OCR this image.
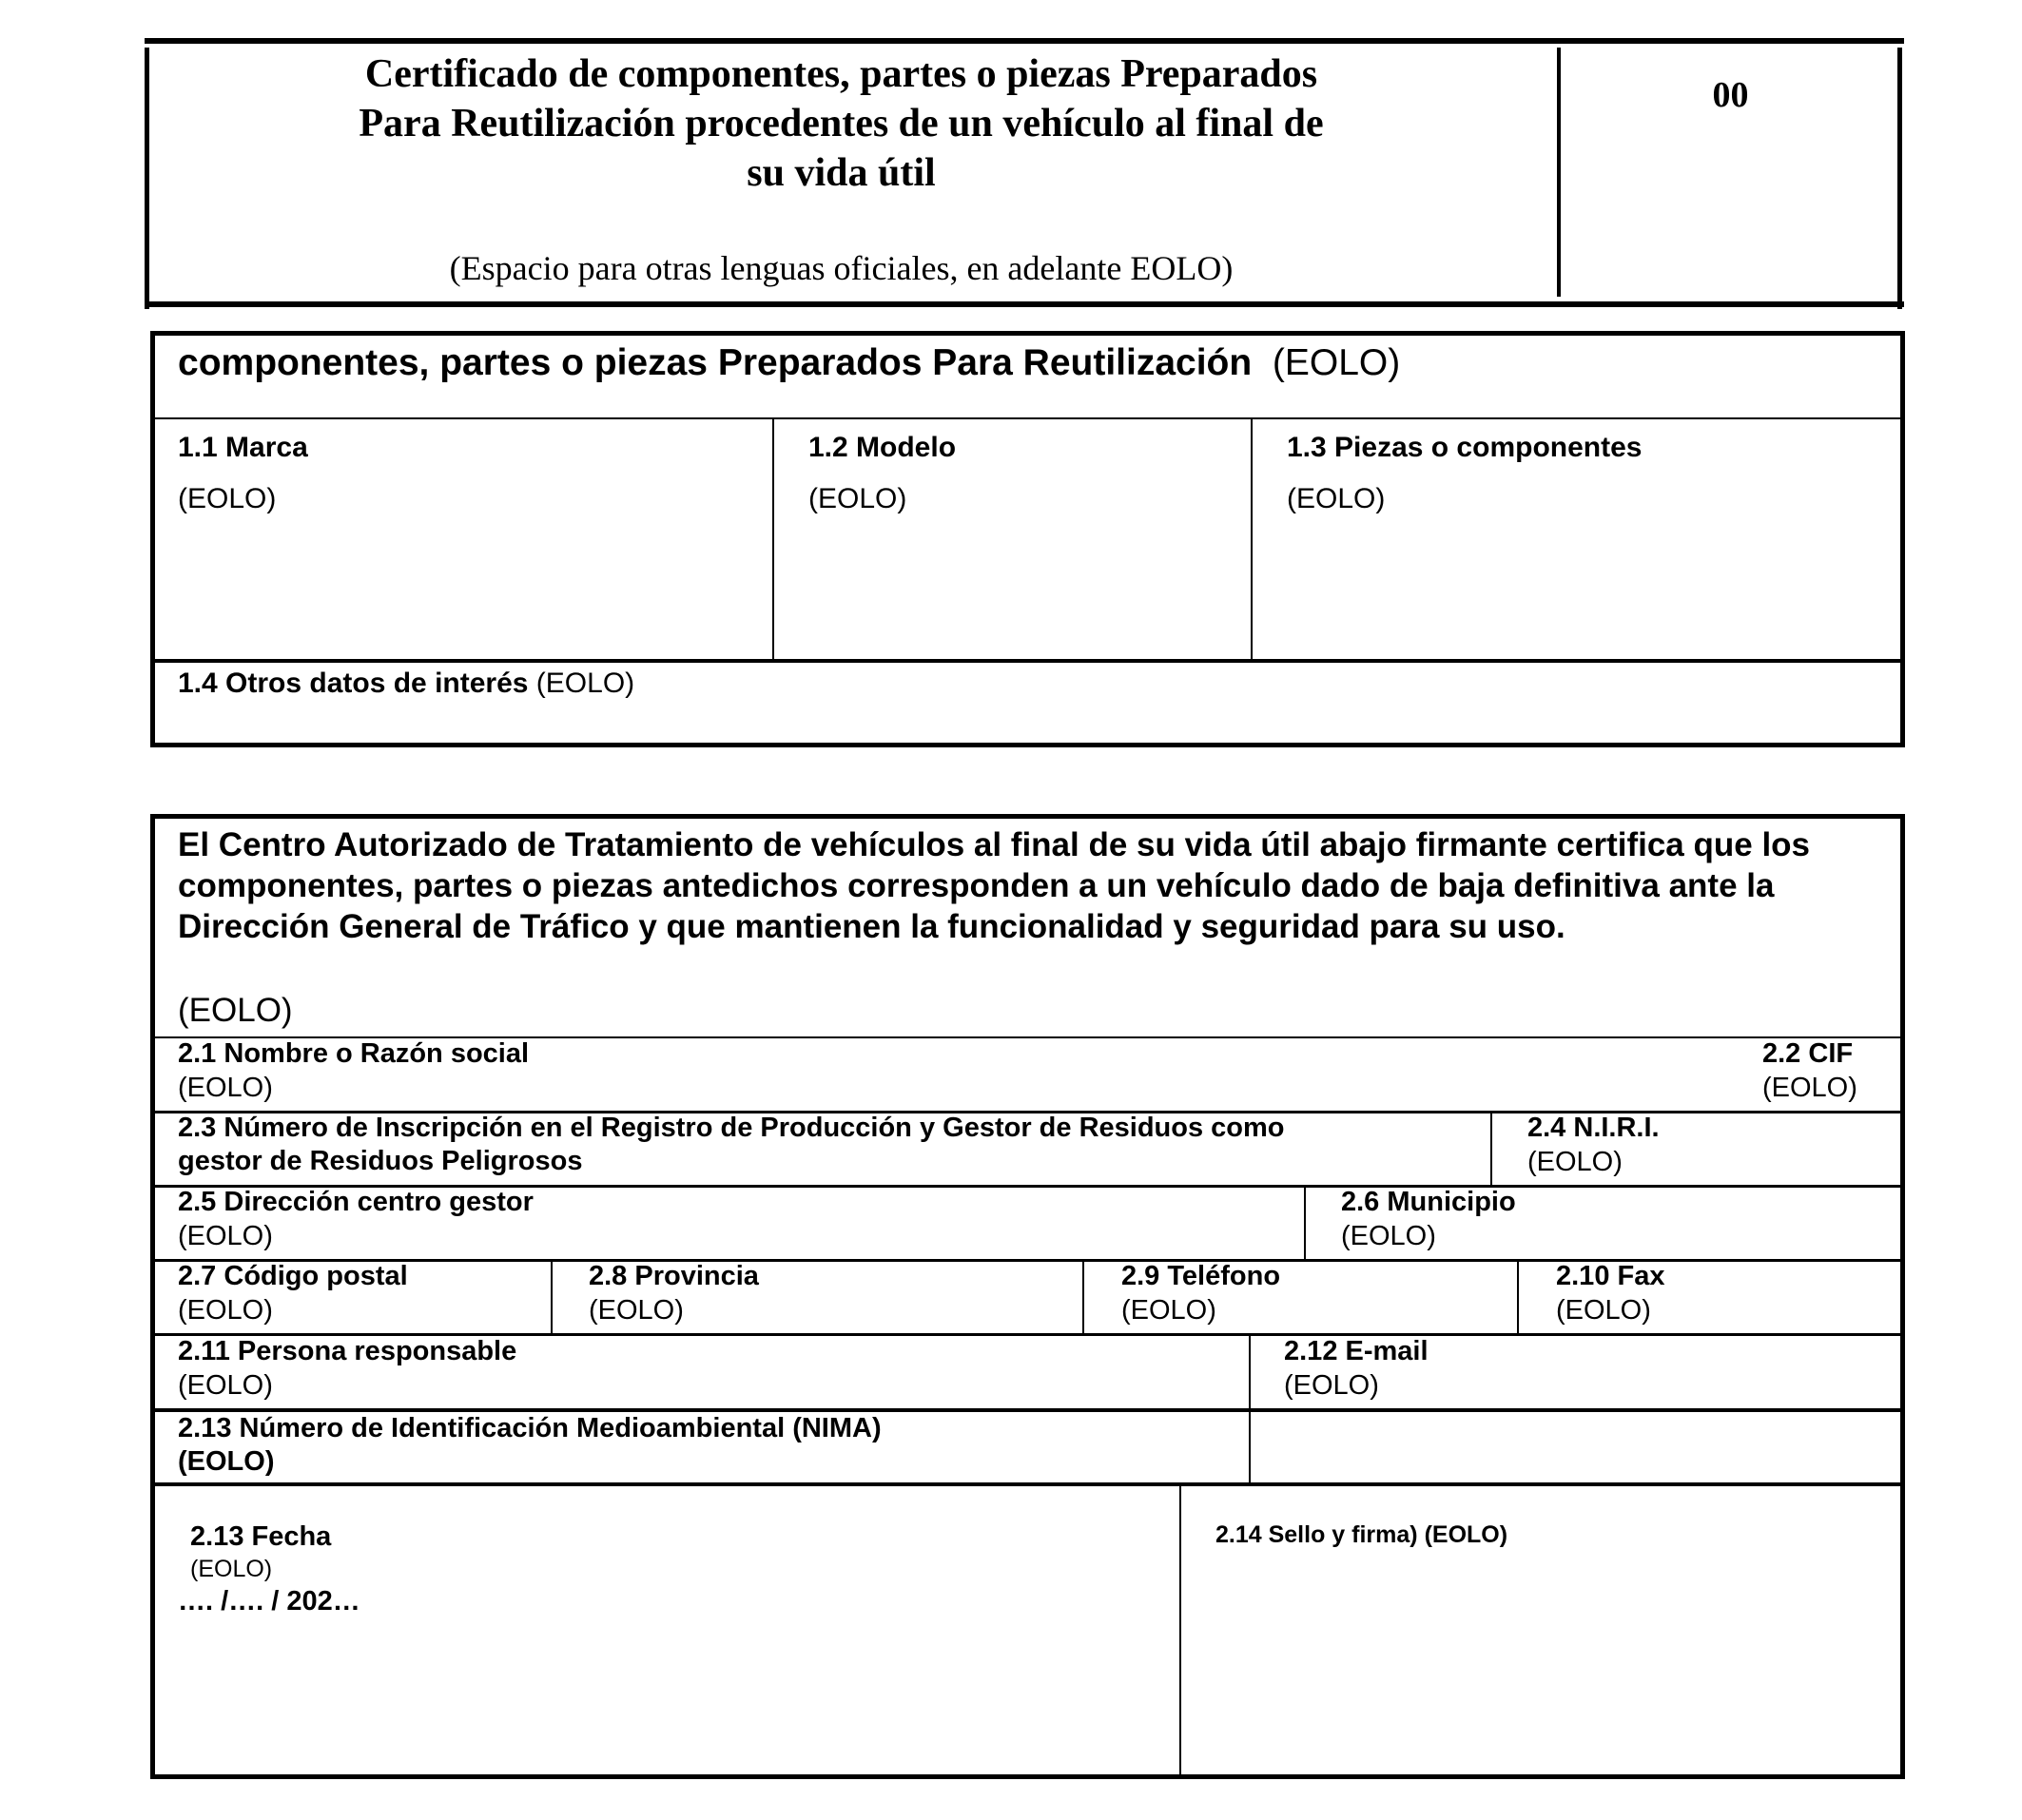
Certificado de componentes, partes o piezas Preparados
Para Reutilización procedentes de un vehículo al final de
su vida útil
(Espacio para otras lenguas oficiales, en adelante EOLO)
00
componentes, partes o piezas Preparados Para Reutilización (EOLO)
1.1 Marca
(EOLO)
1.2 Modelo
(EOLO)
1.3 Piezas o componentes
(EOLO)
1.4 Otros datos de interés (EOLO)
El Centro Autorizado de Tratamiento de vehículos al final de su vida útil abajo firmante certifica que los componentes, partes o piezas antedichos corresponden a un vehículo dado de baja definitiva ante la Dirección General de Tráfico y que mantienen la funcionalidad y seguridad para su uso.
(EOLO)
2.1 Nombre o Razón social
(EOLO)
2.2 CIF
(EOLO)
2.3 Número de Inscripción en el Registro de Producción y Gestor de Residuos como
gestor de Residuos Peligrosos
2.4 N.I.R.I.
(EOLO)
2.5 Dirección centro gestor
(EOLO)
2.6 Municipio
(EOLO)
2.7 Código postal
(EOLO)
2.8 Provincia
(EOLO)
2.9 Teléfono
(EOLO)
2.10 Fax
(EOLO)
2.11 Persona responsable
(EOLO)
2.12 E-mail
(EOLO)
2.13 Número de Identificación Medioambiental (NIMA)
(EOLO)
2.13 Fecha
(EOLO)
…. /…. / 202…
2.14 Sello y firma) (EOLO)
